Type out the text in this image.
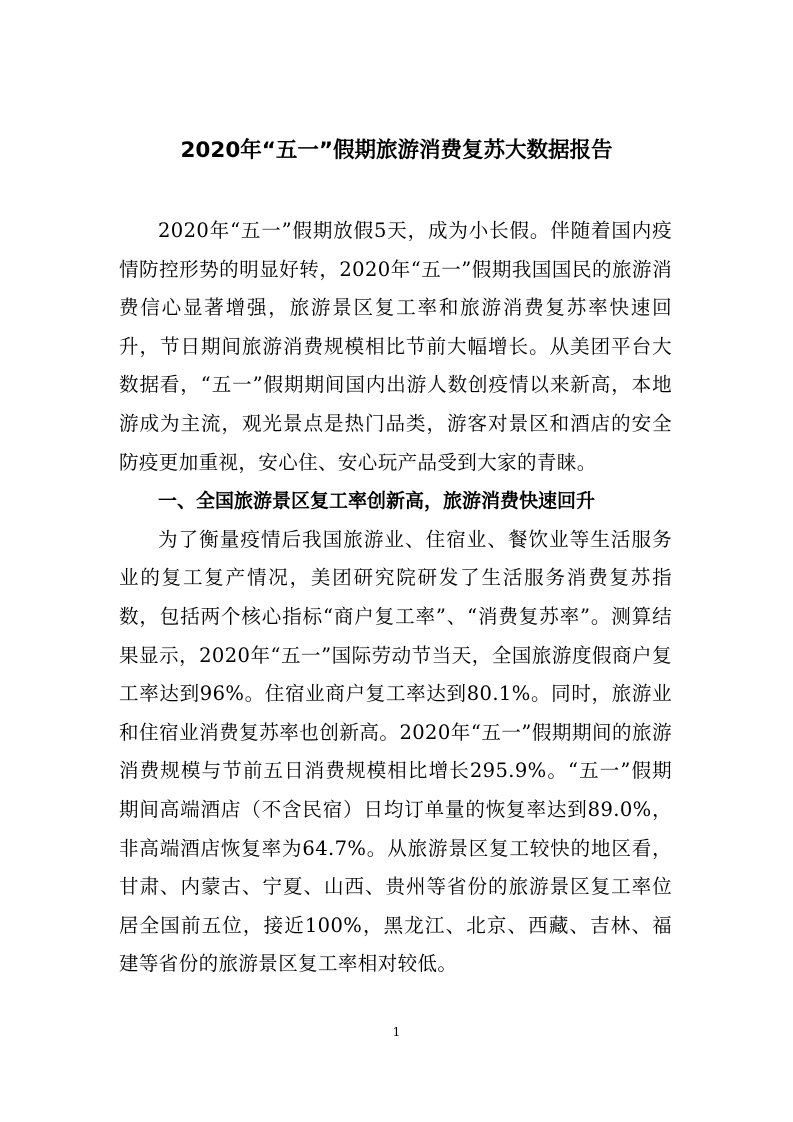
2020年“五一”假期旅游消费复苏大数据报告

2020年“五一”假期放假5天，成为小长假。伴随着国内疫情防控形势的明显好转，2020年“五一”假期我国国民的旅游消费信心显著增强，旅游景区复工率和旅游消费复苏率快速回升，节日期间旅游消费规模相比节前大幅增长。从美团平台大数据看，“五一”假期期间国内出游人数创疫情以来新高，本地游成为主流，观光景点是热门品类，游客对景区和酒店的安全防疫更加重视，安心住、安心玩产品受到大家的青睐。

一、全国旅游景区复工率创新高，旅游消费快速回升

为了衡量疫情后我国旅游业、住宿业、餐饮业等生活服务业的复工复产情况，美团研究院研发了生活服务消费复苏指数，包括两个核心指标“商户复工率”、“消费复苏率”。测算结果显示，2020年“五一”国际劳动节当天，全国旅游度假商户复工率达到96%。住宿业商户复工率达到80.1%。同时，旅游业和住宿业消费复苏率也创新高。2020年“五一”假期期间的旅游消费规模与节前五日消费规模相比增长295.9%。“五一”假期期间高端酒店（不含民宿）日均订单量的恢复率达到89.0%，非高端酒店恢复率为64.7%。从旅游景区复工较快的地区看，甘肃、内蒙古、宁夏、山西、贵州等省份的旅游景区复工率位居全国前五位，接近100%，黑龙江、北京、西藏、吉林、福建等省份的旅游景区复工率相对较低。

1
